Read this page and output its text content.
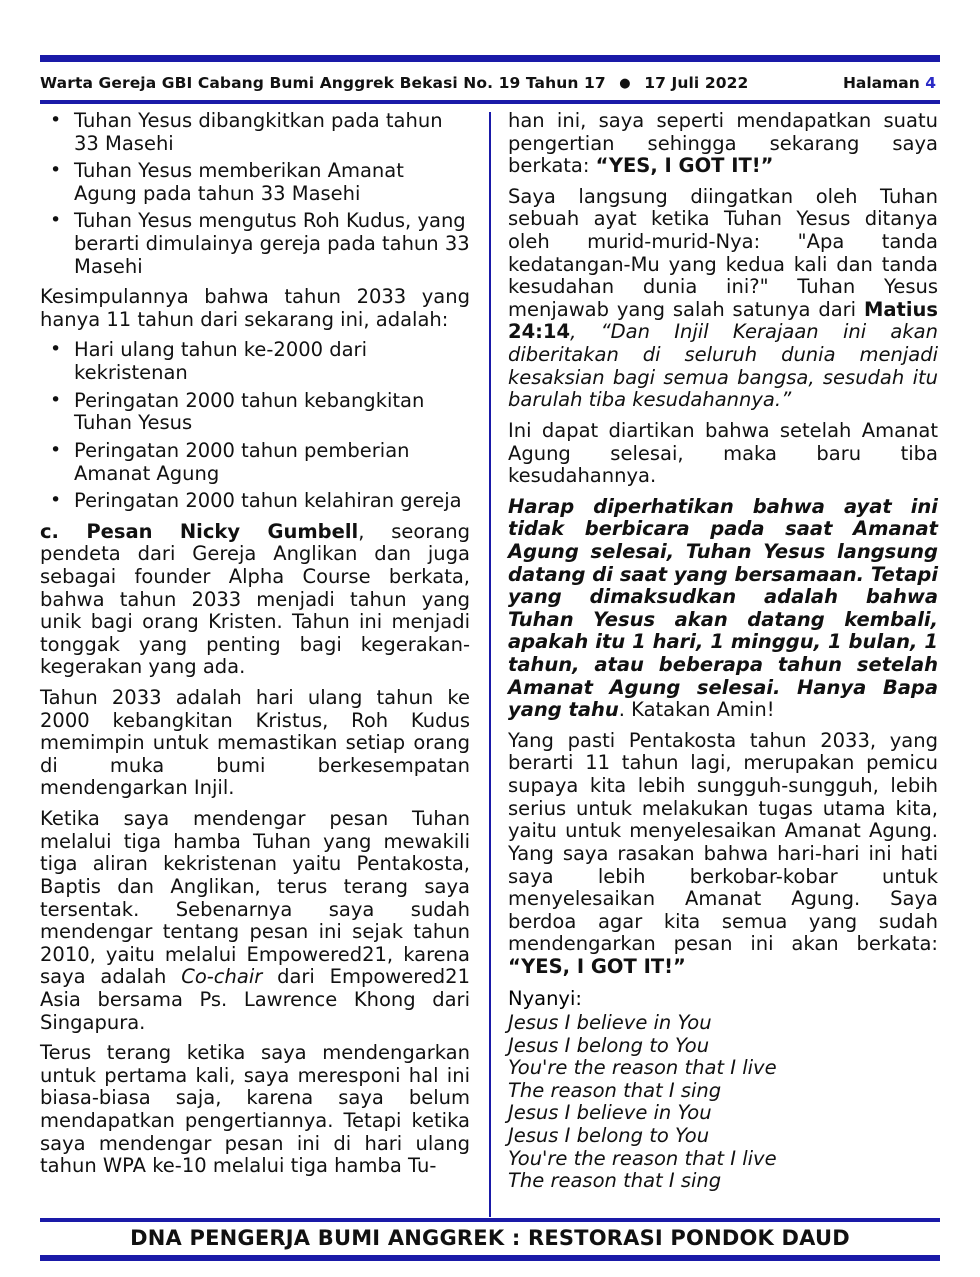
Warta Gereja GBI Cabang Bumi Anggrek Bekasi No. 19 Tahun 17 ● 17 Juli 2022	Halaman 4
• Tuhan Yesus dibangkitkan pada tahun 33 Masehi
• Tuhan Yesus memberikan Amanat Agung pada tahun 33 Masehi
• Tuhan Yesus mengutus Roh Kudus, yang berarti dimulainya gereja pada tahun 33 Masehi

Kesimpulannya bahwa tahun 2033 yang hanya 11 tahun dari sekarang ini, adalah:

• Hari ulang tahun ke-2000 dari kekristenan
• Peringatan 2000 tahun kebangkitan Tuhan Yesus
• Peringatan 2000 tahun pemberian Amanat Agung
• Peringatan 2000 tahun kelahiran gereja

c. Pesan Nicky Gumbell, seorang pendeta dari Gereja Anglikan dan juga sebagai founder Alpha Course berkata, bahwa tahun 2033 menjadi tahun yang unik bagi orang Kristen. Tahun ini menjadi tonggak yang penting bagi kegerakan-kegerakan yang ada.

Tahun 2033 adalah hari ulang tahun ke 2000 kebangkitan Kristus, Roh Kudus memimpin untuk memastikan setiap orang di muka bumi berkesempatan mendengarkan Injil.

Ketika saya mendengar pesan Tuhan melalui tiga hamba Tuhan yang mewakili tiga aliran kekristenan yaitu Pentakosta, Baptis dan Anglikan, terus terang saya tersentak. Sebenarnya saya sudah mendengar tentang pesan ini sejak tahun 2010, yaitu melalui Empowered21, karena saya adalah Co-chair dari Empowered21 Asia bersama Ps. Lawrence Khong dari Singapura.

Terus terang ketika saya mendengarkan untuk pertama kali, saya meresponi hal ini biasa-biasa saja, karena saya belum mendapatkan pengertiannya. Tetapi ketika saya mendengar pesan ini di hari ulang tahun WPA ke-10 melalui tiga hamba Tu-

han ini, saya seperti mendapatkan suatu pengertian sehingga sekarang saya berkata: “YES, I GOT IT!”

Saya langsung diingatkan oleh Tuhan sebuah ayat ketika Tuhan Yesus ditanya oleh murid-murid-Nya: "Apa tanda kedatangan-Mu yang kedua kali dan tanda kesudahan dunia ini?" Tuhan Yesus menjawab yang salah satunya dari Matius 24:14, “Dan Injil Kerajaan ini akan diberitakan di seluruh dunia menjadi kesaksian bagi semua bangsa, sesudah itu barulah tiba kesudahannya.”

Ini dapat diartikan bahwa setelah Amanat Agung selesai, maka baru tiba kesudahannya.

Harap diperhatikan bahwa ayat ini tidak berbicara pada saat Amanat Agung selesai, Tuhan Yesus langsung datang di saat yang bersamaan. Tetapi yang dimaksudkan adalah bahwa Tuhan Yesus akan datang kembali, apakah itu 1 hari, 1 minggu, 1 bulan, 1 tahun, atau beberapa tahun setelah Amanat Agung selesai. Hanya Bapa yang tahu. Katakan Amin!

Yang pasti Pentakosta tahun 2033, yang berarti 11 tahun lagi, merupakan pemicu supaya kita lebih sungguh-sungguh, lebih serius untuk melakukan tugas utama kita, yaitu untuk menyelesaikan Amanat Agung. Yang saya rasakan bahwa hari-hari ini hati saya lebih berkobar-kobar untuk menyelesaikan Amanat Agung. Saya berdoa agar kita semua yang sudah mendengarkan pesan ini akan berkata: “YES, I GOT IT!”

Nyanyi:

Jesus I believe in You
Jesus I belong to You
You're the reason that I live
The reason that I sing
Jesus I believe in You
Jesus I belong to You
You're the reason that I live
The reason that I sing
DNA PENGERJA BUMI ANGGREK : RESTORASI PONDOK DAUD
